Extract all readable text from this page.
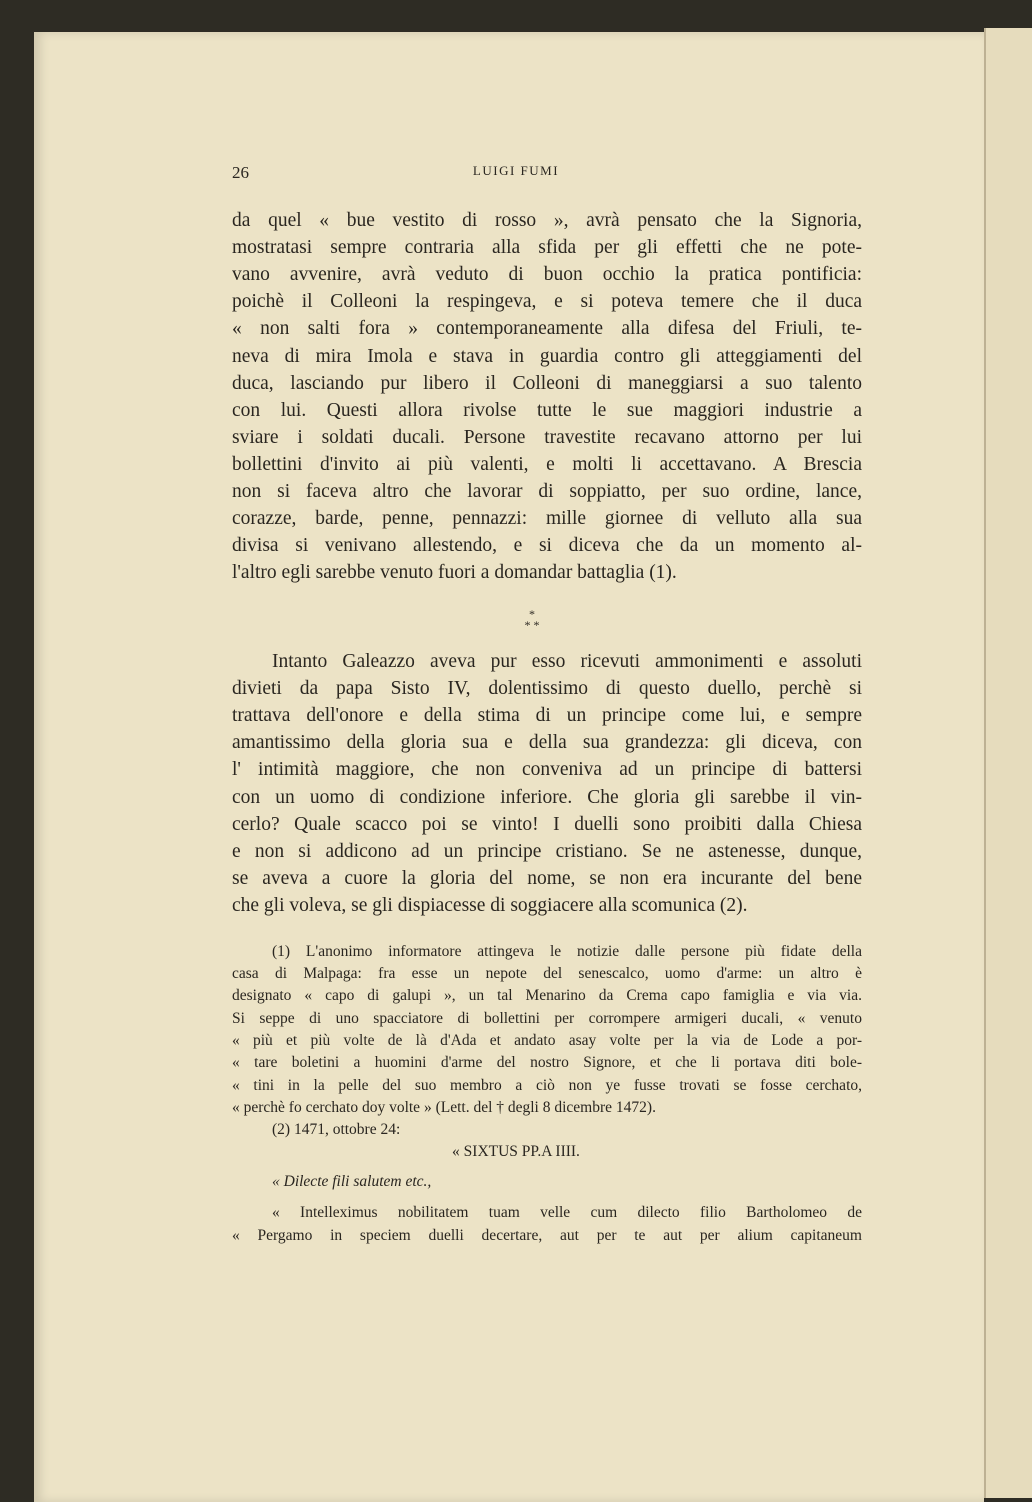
26	LUIGI FUMI
da quel « bue vestito di rosso », avrà pensato che la Signoria,
mostratasi sempre contraria alla sfida per gli effetti che ne pote-
vano avvenire, avrà veduto di buon occhio la pratica pontificia:
poichè il Colleoni la respingeva, e si poteva temere che il duca
« non salti fora » contemporaneamente alla difesa del Friuli, te-
neva di mira Imola e stava in guardia contro gli atteggiamenti del
duca, lasciando pur libero il Colleoni di maneggiarsi a suo talento
con lui. Questi allora rivolse tutte le sue maggiori industrie a
sviare i soldati ducali. Persone travestite recavano attorno per lui
bollettini d'invito ai più valenti, e molti li accettavano. A Brescia
non si faceva altro che lavorar di soppiatto, per suo ordine, lance,
corazze, barde, penne, pennazzi: mille giornee di velluto alla sua
divisa si venivano allestendo, e si diceva che da un momento al-
l'altro egli sarebbe venuto fuori a domandar battaglia (1).
*
* *
Intanto Galeazzo aveva pur esso ricevuti ammonimenti e assoluti
divieti da papa Sisto IV, dolentissimo di questo duello, perchè si
trattava dell'onore e della stima di un principe come lui, e sempre
amantissimo della gloria sua e della sua grandezza: gli diceva, con
l' intimità maggiore, che non conveniva ad un principe di battersi
con un uomo di condizione inferiore. Che gloria gli sarebbe il vin-
cerlo? Quale scacco poi se vinto! I duelli sono proibiti dalla Chiesa
e non si addicono ad un principe cristiano. Se ne astenesse, dunque,
se aveva a cuore la gloria del nome, se non era incurante del bene
che gli voleva, se gli dispiacesse di soggiacere alla scomunica (2).
(1) L'anonimo informatore attingeva le notizie dalle persone più fidate della
casa di Malpaga: fra esse un nepote del senescalco, uomo d'arme: un altro è
designato « capo di galupi », un tal Menarino da Crema capo famiglia e via via.
Si seppe di uno spacciatore di bollettini per corrompere armigeri ducali, « venuto
« più et più volte de là d'Ada et andato asay volte per la via de Lode a por-
« tare boletini a huomini d'arme del nostro Signore, et che li portava diti bole-
« tini in la pelle del suo membro a ciò non ye fusse trovati se fosse cerchato,
« perchè fo cerchato doy volte » (Lett. del † degli 8 dicembre 1472).
(2) 1471, ottobre 24:
« SIXTUS PP.A IIII.
« Dilecte fili salutem etc.,
« Intelleximus nobilitatem tuam velle cum dilecto filio Bartholomeo de
« Pergamo in speciem duelli decertare, aut per te aut per alium capitaneum
